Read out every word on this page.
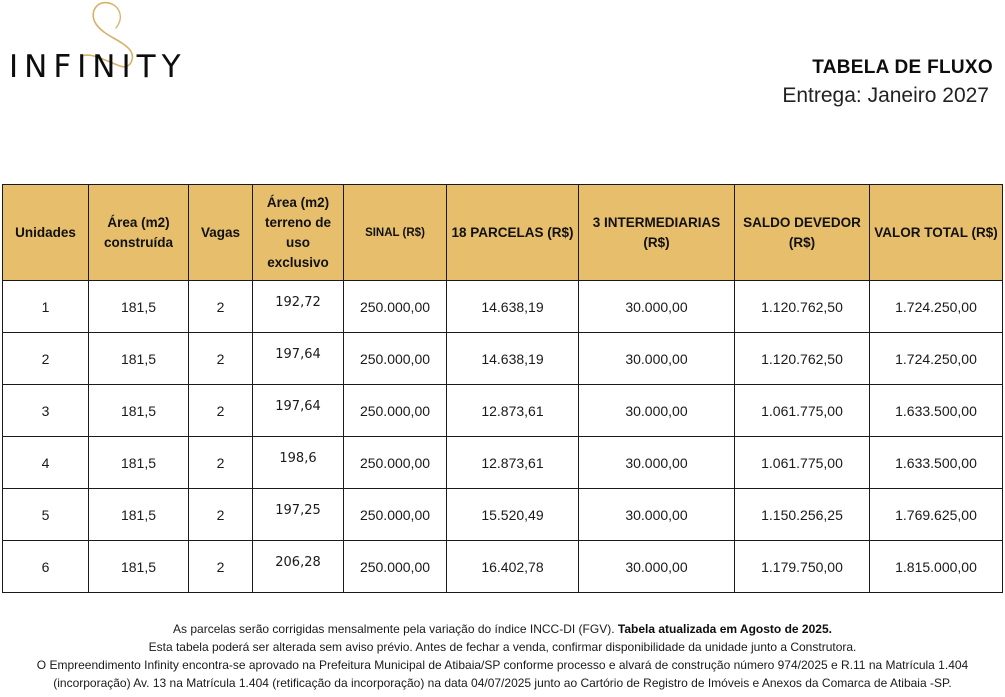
INFINITY	TABELA DE FLUXO
Entrega: Janeiro 2027
Unidades	Área (m2) construída	Vagas	Área (m2) terreno de uso exclusivo	SINAL (R$)	18 PARCELAS (R$)	3 INTERMEDIARIAS (R$)	SALDO DEVEDOR (R$)	VALOR TOTAL (R$)
1	181,5	2	192,72	250.000,00	14.638,19	30.000,00	1.120.762,50	1.724.250,00
2	181,5	2	197,64	250.000,00	14.638,19	30.000,00	1.120.762,50	1.724.250,00
3	181,5	2	197,64	250.000,00	12.873,61	30.000,00	1.061.775,00	1.633.500,00
4	181,5	2	198,6	250.000,00	12.873,61	30.000,00	1.061.775,00	1.633.500,00
5	181,5	2	197,25	250.000,00	15.520,49	30.000,00	1.150.256,25	1.769.625,00
6	181,5	2	206,28	250.000,00	16.402,78	30.000,00	1.179.750,00	1.815.000,00
As parcelas serão corrigidas mensalmente pela variação do índice INCC-DI (FGV). Tabela atualizada em Agosto de 2025.
Esta tabela poderá ser alterada sem aviso prévio. Antes de fechar a venda, confirmar disponibilidade da unidade junto a Construtora.
O Empreendimento Infinity encontra-se aprovado na Prefeitura Municipal de Atibaia/SP conforme processo e alvará de construção número 974/2025 e R.11 na Matrícula 1.404
(incorporação) Av. 13 na Matrícula 1.404 (retificação da incorporação) na data 04/07/2025 junto ao Cartório de Registro de Imóveis e Anexos da Comarca de Atibaia -SP.
